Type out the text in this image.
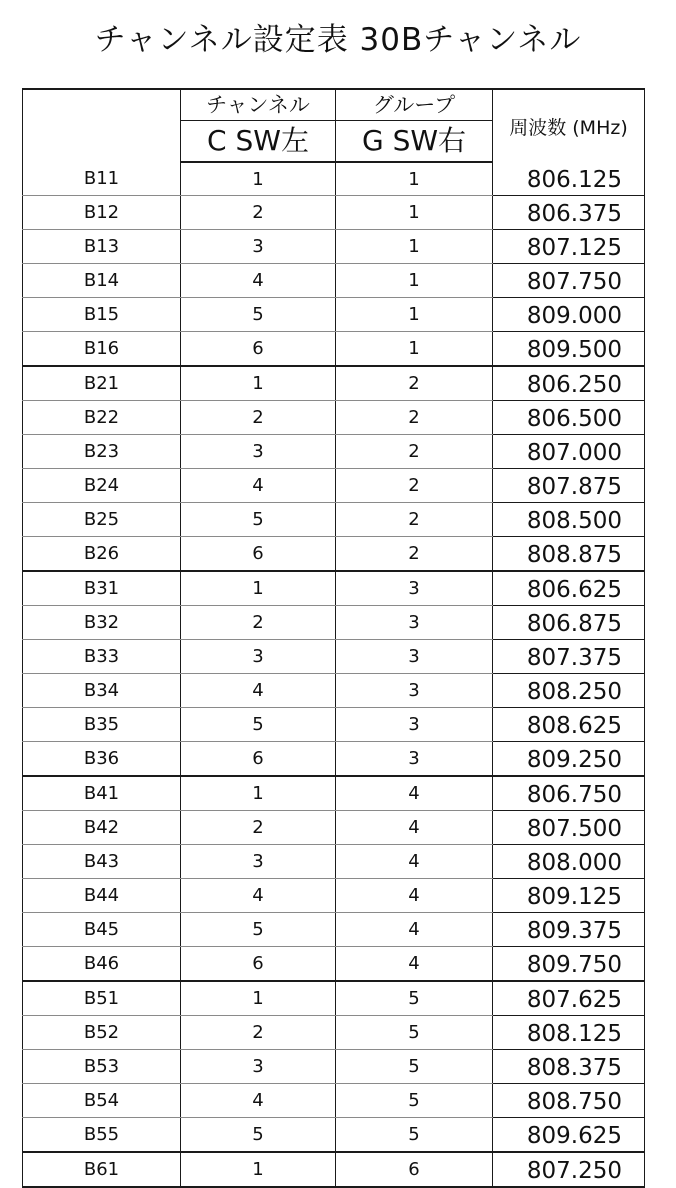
チャンネル設定表 30Bチャンネル
	チャンネル	グループ	周波数 (MHz)
	C SW左	G SW右	
B11	1	1	806.125
B12	2	1	806.375
B13	3	1	807.125
B14	4	1	807.750
B15	5	1	809.000
B16	6	1	809.500
B21	1	2	806.250
B22	2	2	806.500
B23	3	2	807.000
B24	4	2	807.875
B25	5	2	808.500
B26	6	2	808.875
B31	1	3	806.625
B32	2	3	806.875
B33	3	3	807.375
B34	4	3	808.250
B35	5	3	808.625
B36	6	3	809.250
B41	1	4	806.750
B42	2	4	807.500
B43	3	4	808.000
B44	4	4	809.125
B45	5	4	809.375
B46	6	4	809.750
B51	1	5	807.625
B52	2	5	808.125
B53	3	5	808.375
B54	4	5	808.750
B55	5	5	809.625
B61	1	6	807.250
